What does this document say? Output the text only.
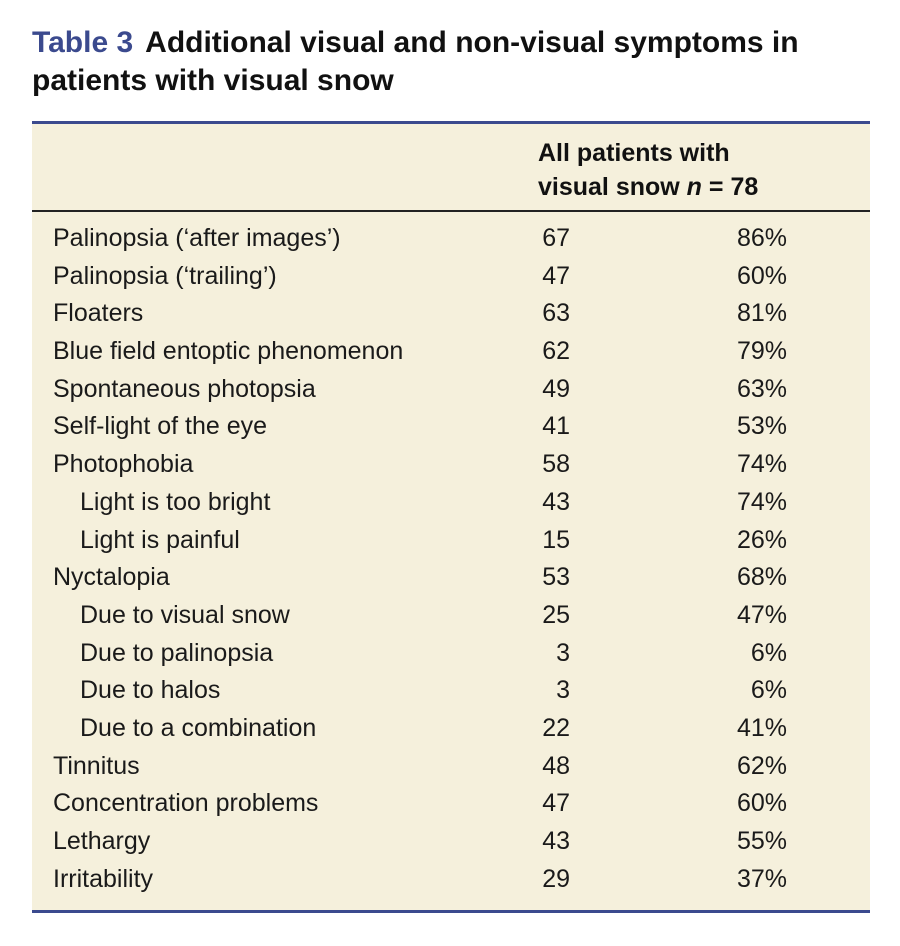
Table 3 Additional visual and non-visual symptoms in patients with visual snow
All patients with
visual snow n = 78
Palinopsia (‘after images’)	67	86%
Palinopsia (‘trailing’)	47	60%
Floaters	63	81%
Blue field entoptic phenomenon	62	79%
Spontaneous photopsia	49	63%
Self-light of the eye	41	53%
Photophobia	58	74%
Light is too bright	43	74%
Light is painful	15	26%
Nyctalopia	53	68%
Due to visual snow	25	47%
Due to palinopsia	3	6%
Due to halos	3	6%
Due to a combination	22	41%
Tinnitus	48	62%
Concentration problems	47	60%
Lethargy	43	55%
Irritability	29	37%
